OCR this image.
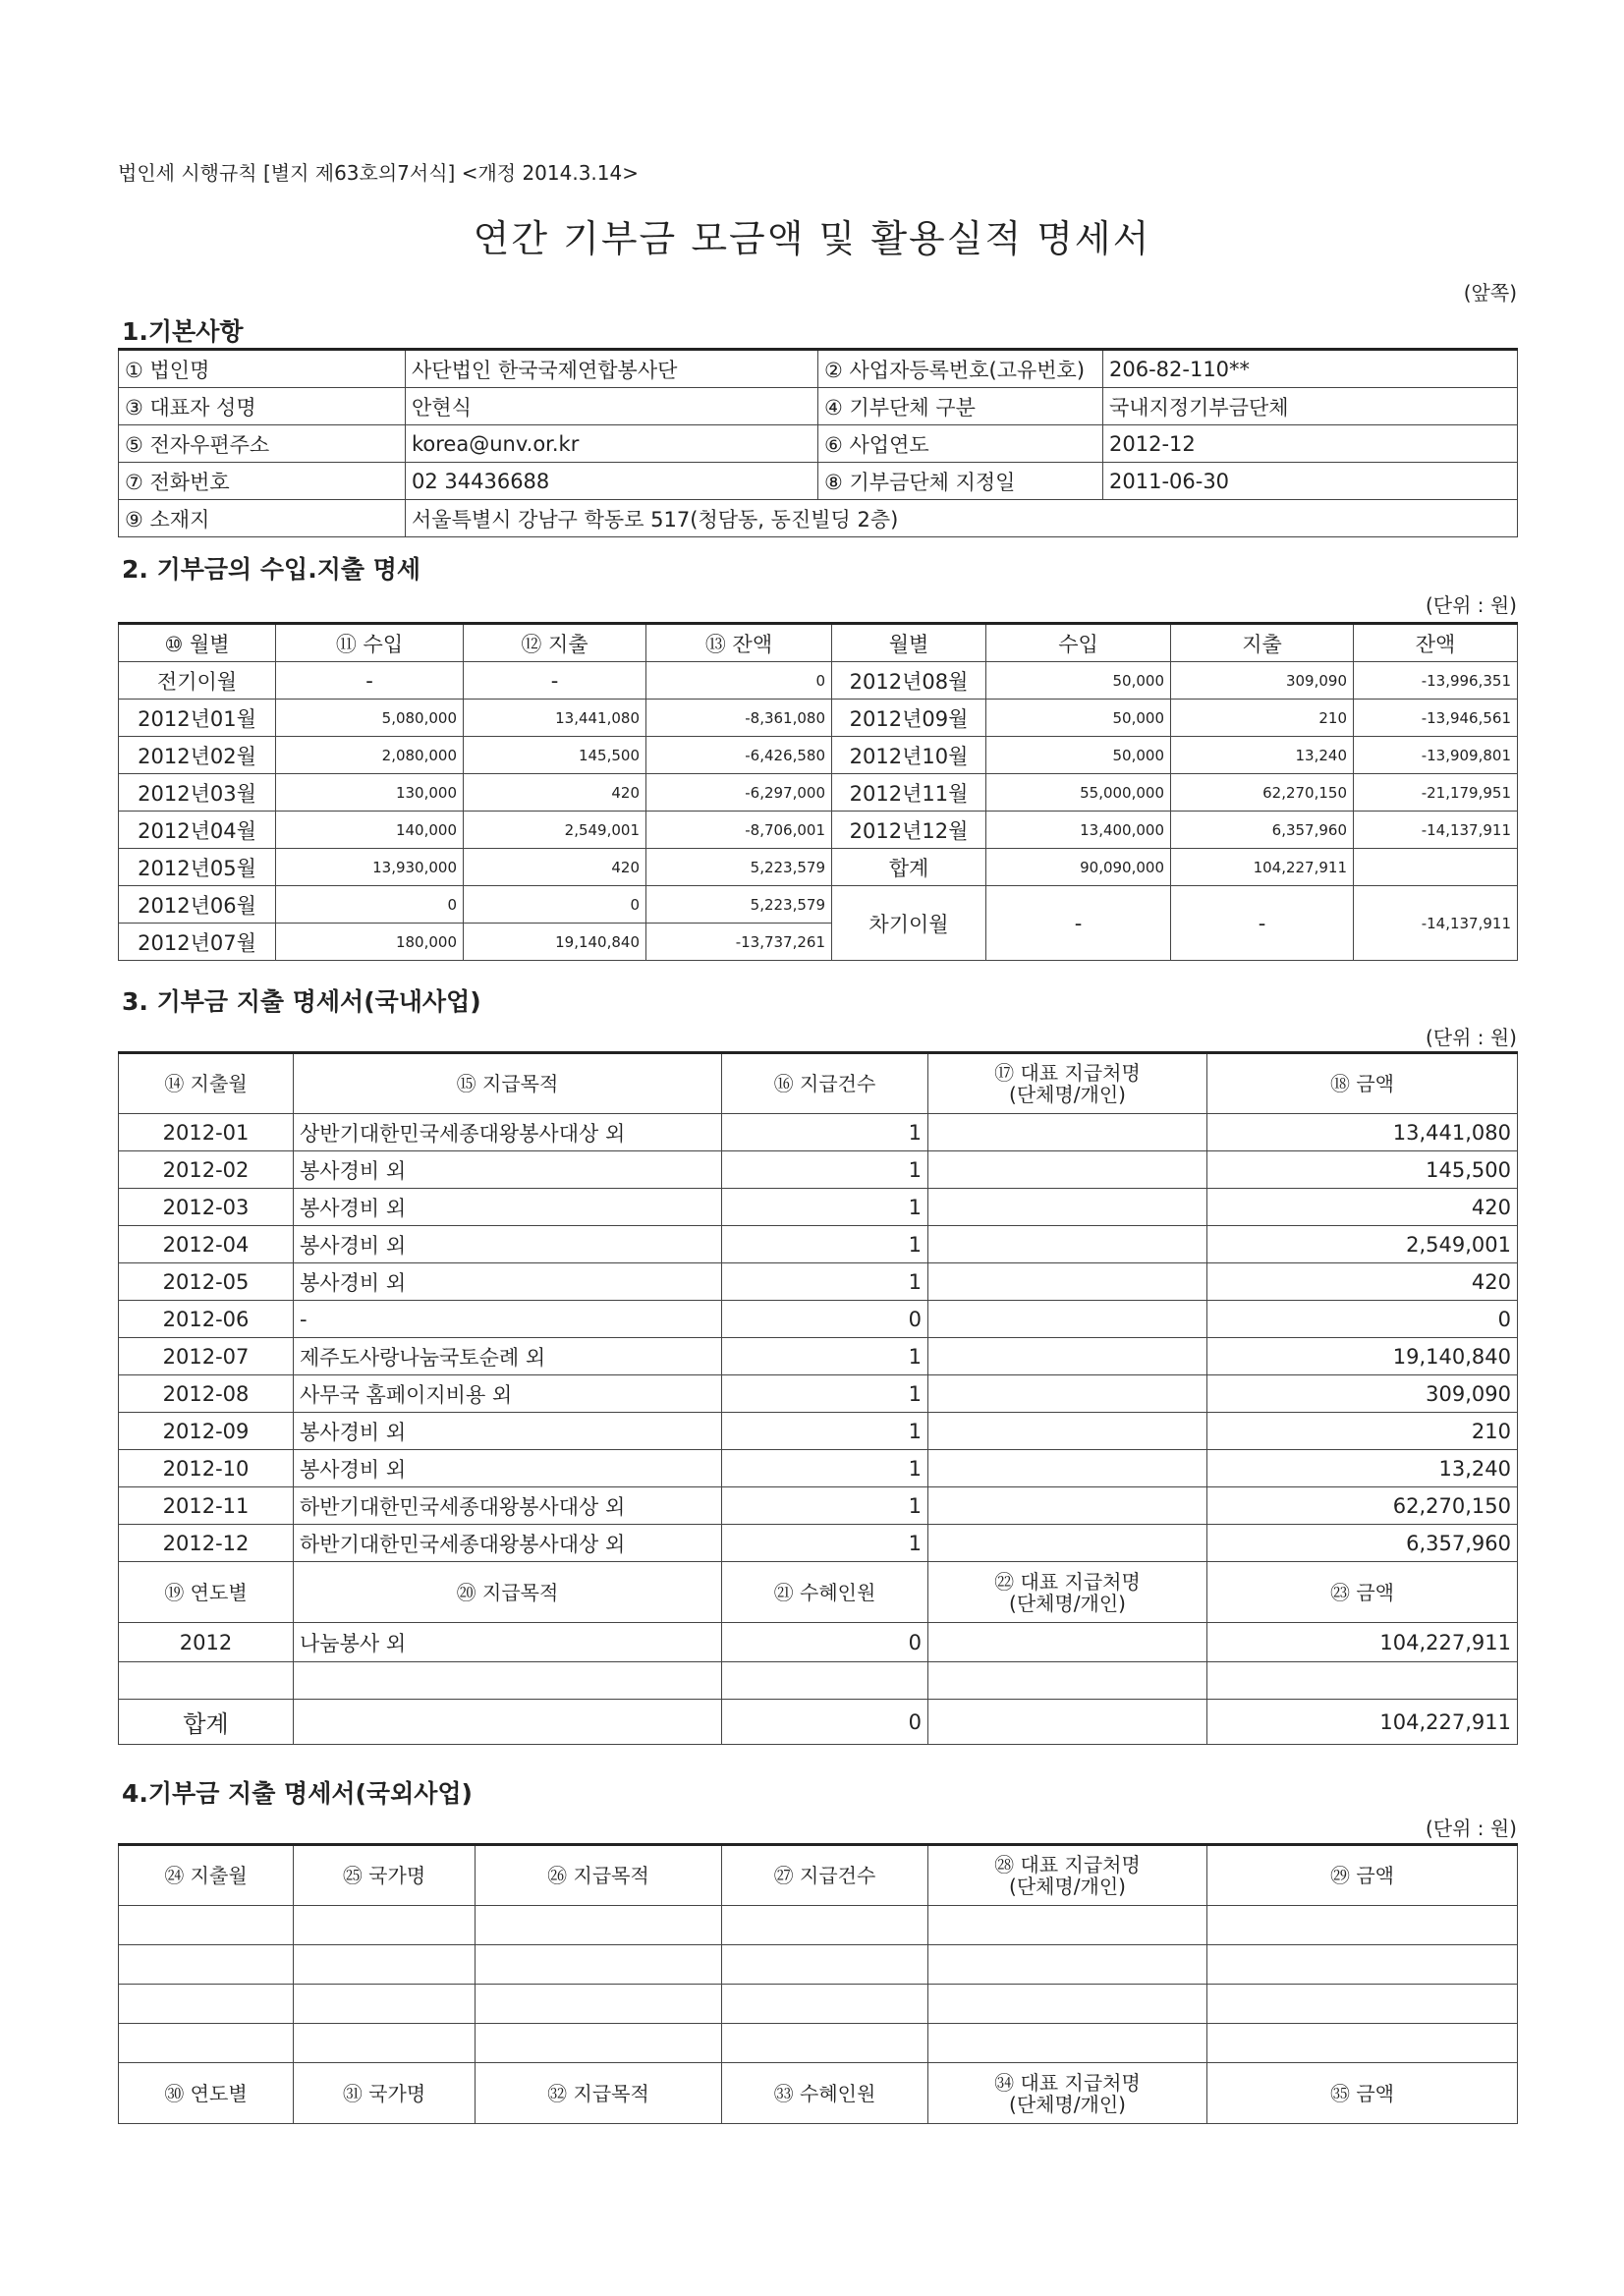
법인세 시행규칙 [별지 제63호의7서식] <개정 2014.3.14>
연간 기부금 모금액 및 활용실적 명세서
(앞쪽)
1.기본사항
① 법인명	사단법인 한국국제연합봉사단	② 사업자등록번호(고유번호)	206-82-110**
③ 대표자 성명	안현식	④ 기부단체 구분	국내지정기부금단체
⑤ 전자우편주소	korea@unv.or.kr	⑥ 사업연도	2012-12
⑦ 전화번호	02 34436688	⑧ 기부금단체 지정일	2011-06-30
⑨ 소재지	서울특별시 강남구 학동로 517(청담동, 동진빌딩 2층)		
2. 기부금의 수입.지출 명세
(단위 : 원)
⑩ 월별	⑪ 수입	⑫ 지출	⑬ 잔액	월별	수입	지출	잔액
전기이월	-	-	0	2012년08월	50,000	309,090	-13,996,351
2012년01월	5,080,000	13,441,080	-8,361,080	2012년09월	50,000	210	-13,946,561
2012년02월	2,080,000	145,500	-6,426,580	2012년10월	50,000	13,240	-13,909,801
2012년03월	130,000	420	-6,297,000	2012년11월	55,000,000	62,270,150	-21,179,951
2012년04월	140,000	2,549,001	-8,706,001	2012년12월	13,400,000	6,357,960	-14,137,911
2012년05월	13,930,000	420	5,223,579	합계	90,090,000	104,227,911	
2012년06월	0	0	5,223,579	차기이월	-	-	-14,137,911
2012년07월	180,000	19,140,840	-13,737,261				
3. 기부금 지출 명세서(국내사업)
(단위 : 원)
⑭ 지출월	⑮ 지급목적	⑯ 지급건수	⑰ 대표 지급처명
(단체명/개인)	⑱ 금액
2012-01	상반기대한민국세종대왕봉사대상 외	1		13,441,080
2012-02	봉사경비 외	1		145,500
2012-03	봉사경비 외	1		420
2012-04	봉사경비 외	1		2,549,001
2012-05	봉사경비 외	1		420
2012-06	-	0		0
2012-07	제주도사랑나눔국토순례 외	1		19,140,840
2012-08	사무국 홈페이지비용 외	1		309,090
2012-09	봉사경비 외	1		210
2012-10	봉사경비 외	1		13,240
2012-11	하반기대한민국세종대왕봉사대상 외	1		62,270,150
2012-12	하반기대한민국세종대왕봉사대상 외	1		6,357,960
⑲ 연도별	⑳ 지급목적	㉑ 수혜인원	㉒ 대표 지급처명
(단체명/개인)	㉓ 금액
2012	나눔봉사 외	0		104,227,911

합계		0		104,227,911
4.기부금 지출 명세서(국외사업)
(단위 : 원)
㉔ 지출월	㉕ 국가명	㉖ 지급목적	㉗ 지급건수	㉘ 대표 지급처명
(단체명/개인)	㉙ 금액

㉚ 연도별	㉛ 국가명	㉜ 지급목적	㉝ 수혜인원	㉞ 대표 지급처명
(단체명/개인)	㉟ 금액
